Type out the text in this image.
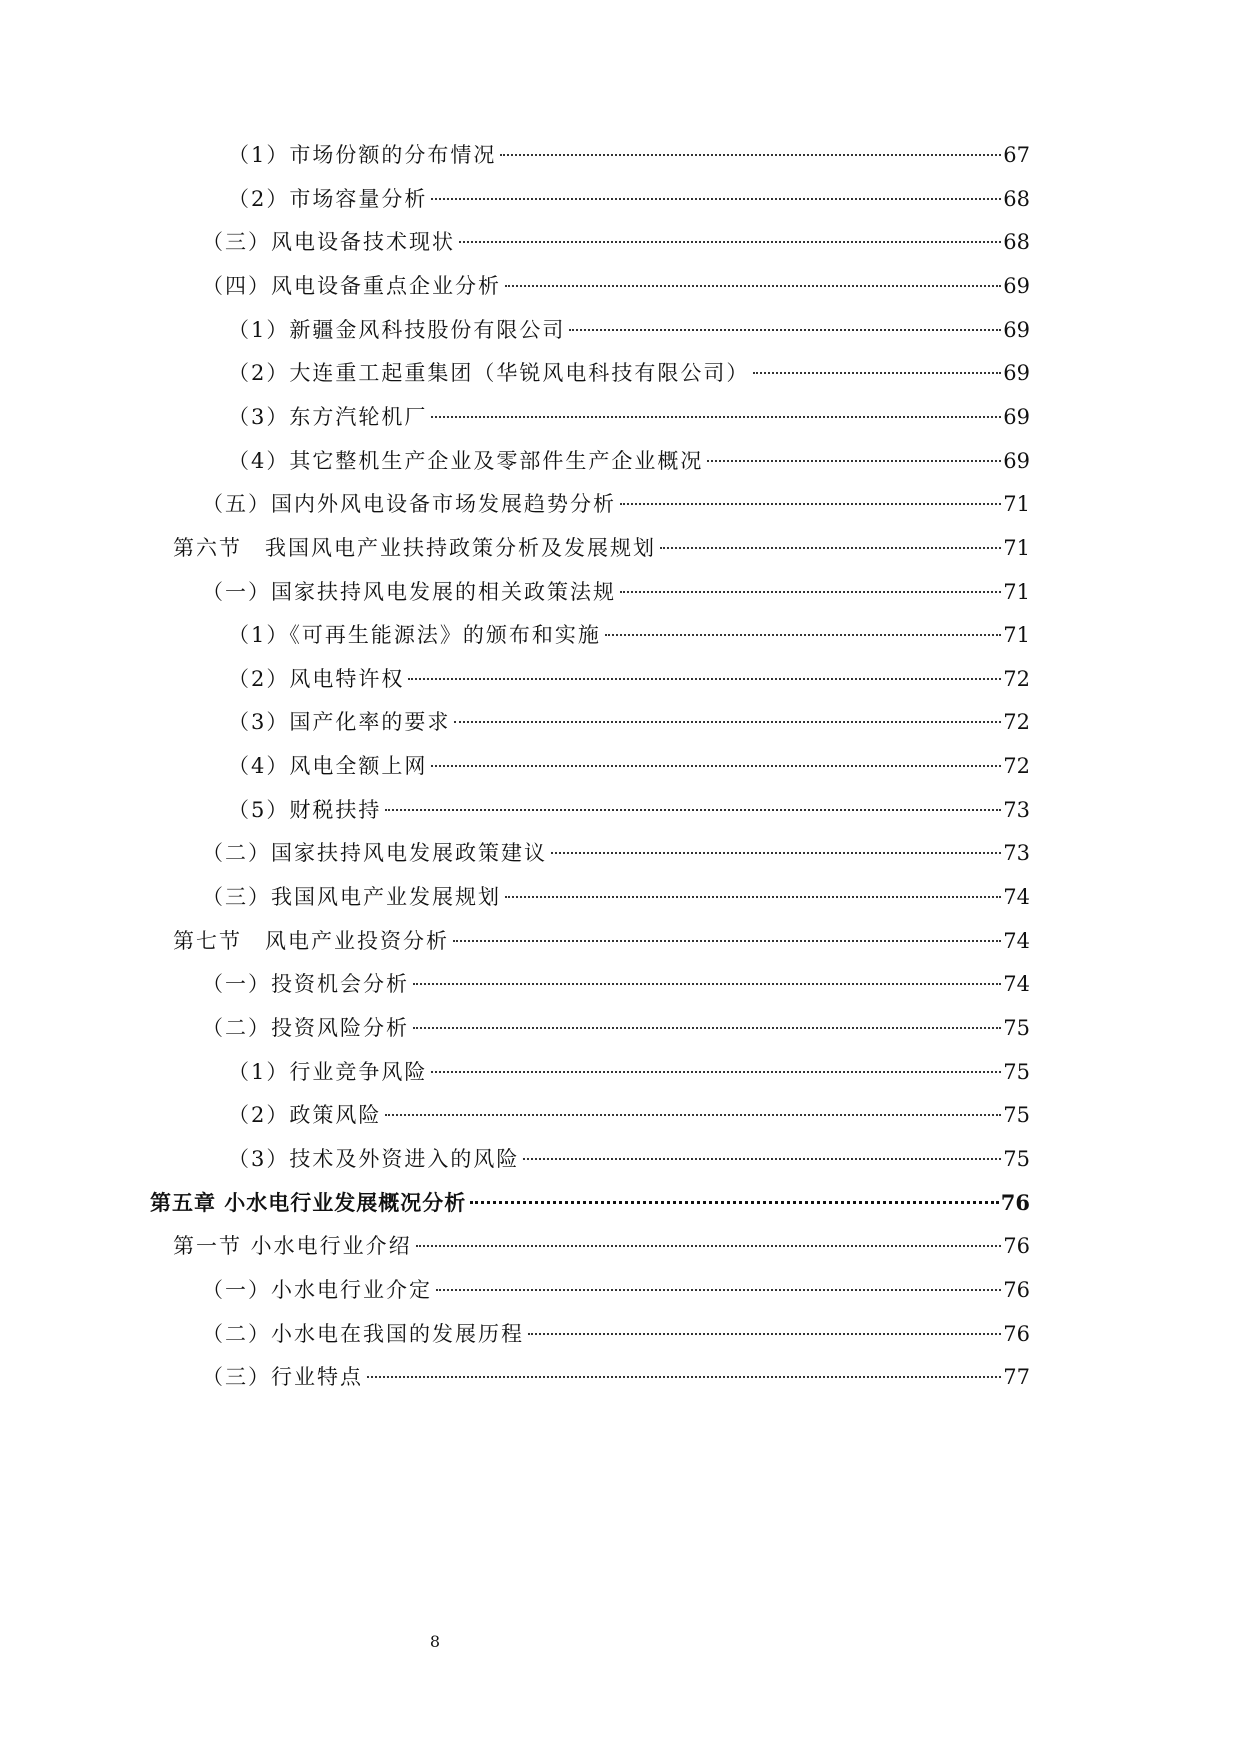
（1）市场份额的分布情况	67
（2）市场容量分析	68
（三）风电设备技术现状	68
（四）风电设备重点企业分析	69
（1）新疆金风科技股份有限公司	69
（2）大连重工起重集团（华锐风电科技有限公司）	69
（3）东方汽轮机厂	69
（4）其它整机生产企业及零部件生产企业概况	69
（五）国内外风电设备市场发展趋势分析	71
第六节　我国风电产业扶持政策分析及发展规划	71
（一）国家扶持风电发展的相关政策法规	71
（1）《可再生能源法》的颁布和实施	71
（2）风电特许权	72
（3）国产化率的要求	72
（4）风电全额上网	72
（5）财税扶持	73
（二）国家扶持风电发展政策建议	73
（三）我国风电产业发展规划	74
第七节　风电产业投资分析	74
（一）投资机会分析	74
（二）投资风险分析	75
（1）行业竞争风险	75
（2）政策风险	75
（3）技术及外资进入的风险	75
第五章 小水电行业发展概况分析	76
第一节 小水电行业介绍	76
（一）小水电行业介定	76
（二）小水电在我国的发展历程	76
（三）行业特点	77
8
